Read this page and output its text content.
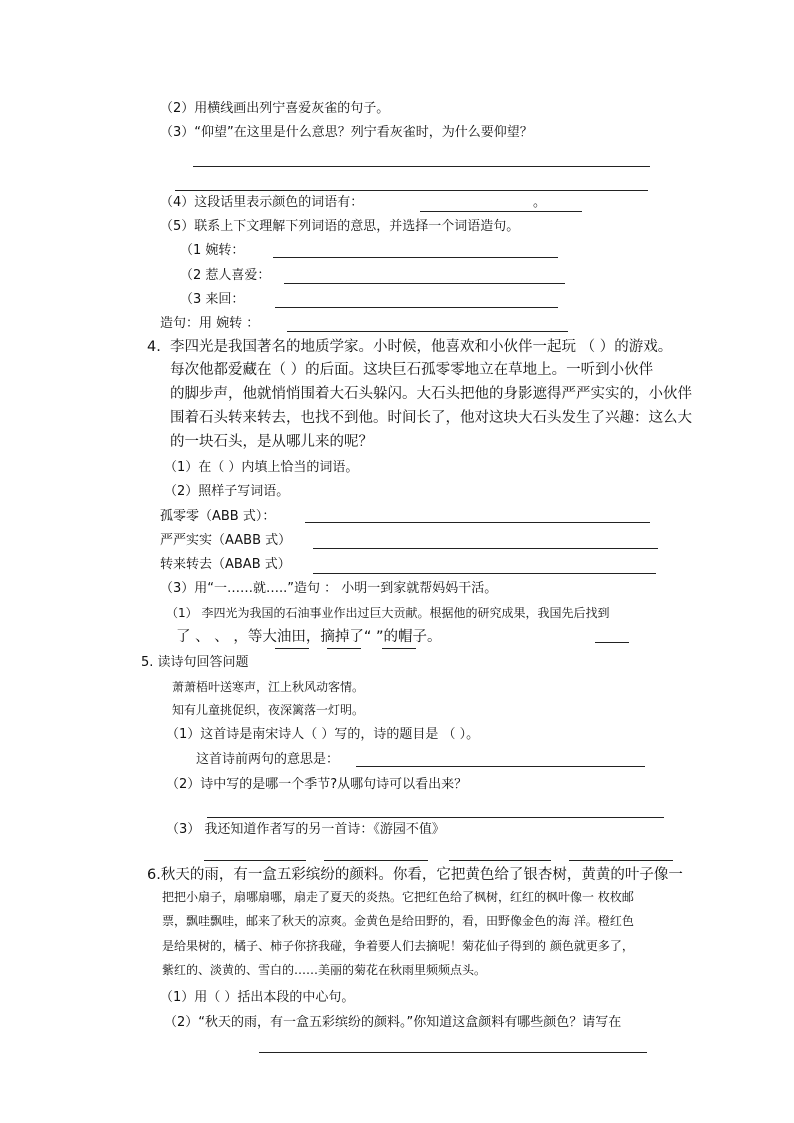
（2）用横线画出列宁喜爱灰雀的句子。
（3）“仰望”在这里是什么意思？列宁看灰雀时，为什么要仰望？
（4）这段话里表示颜色的词语有：	。
（5）联系上下文理解下列词语的意思，并选择一个词语造句。
（1 婉转：
（2 惹人喜爱：
（3 来回：
造句：用 婉转 ：
4. 李四光是我国著名的地质学家。小时候，他喜欢和小伙伴一起玩 （ ）的游戏。
每次他都爱藏在（ ）的后面。这块巨石孤零零地立在草地上。一听到小伙伴
的脚步声，他就悄悄围着大石头躲闪。大石头把他的身影遮得严严实实的，小伙伴
围着石头转来转去，也找不到他。时间长了，他对这块大石头发生了兴趣：这么大
的一块石头，是从哪儿来的呢？
（1）在（ ）内填上恰当的词语。
（2）照样子写词语。
孤零零（ABB 式）：
严严实实（AABB 式）
转来转去（ABAB 式）
（3）用“一……就…..”造句 ： 小明一到家就帮妈妈干活。
（1） 李四光为我国的石油事业作出过巨大贡献。根据他的研究成果，我国先后找到
了 、 、 ，等大油田，摘掉了“ ”的帽子。
5. 读诗句回答问题
萧萧梧叶送寒声，江上秋风动客情。
知有儿童挑促织，夜深篱落一灯明。
（1）这首诗是南宋诗人（ ）写的，诗的题目是 （ ）。
这首诗前两句的意思是：
（2）诗中写的是哪一个季节?从哪句诗可以看出来？
（3） 我还知道作者写的另一首诗：《游园不值》
6.秋天的雨，有一盒五彩缤纷的颜料。你看，它把黄色给了银杏树，黄黄的叶子像一
把把小扇子，扇哪扇哪，扇走了夏天的炎热。它把红色给了枫树，红红的枫叶像一 枚枚邮
票，飘哇飘哇，邮来了秋天的凉爽。金黄色是给田野的，看，田野像金色的海 洋。橙红色
是给果树的，橘子、柿子你挤我碰，争着要人们去摘呢！菊花仙子得到的 颜色就更多了，
紫红的、淡黄的、雪白的……美丽的菊花在秋雨里频频点头。
（1）用（ ）括出本段的中心句。
（2）“秋天的雨，有一盒五彩缤纷的颜料。”你知道这盒颜料有哪些颜色？请写在
